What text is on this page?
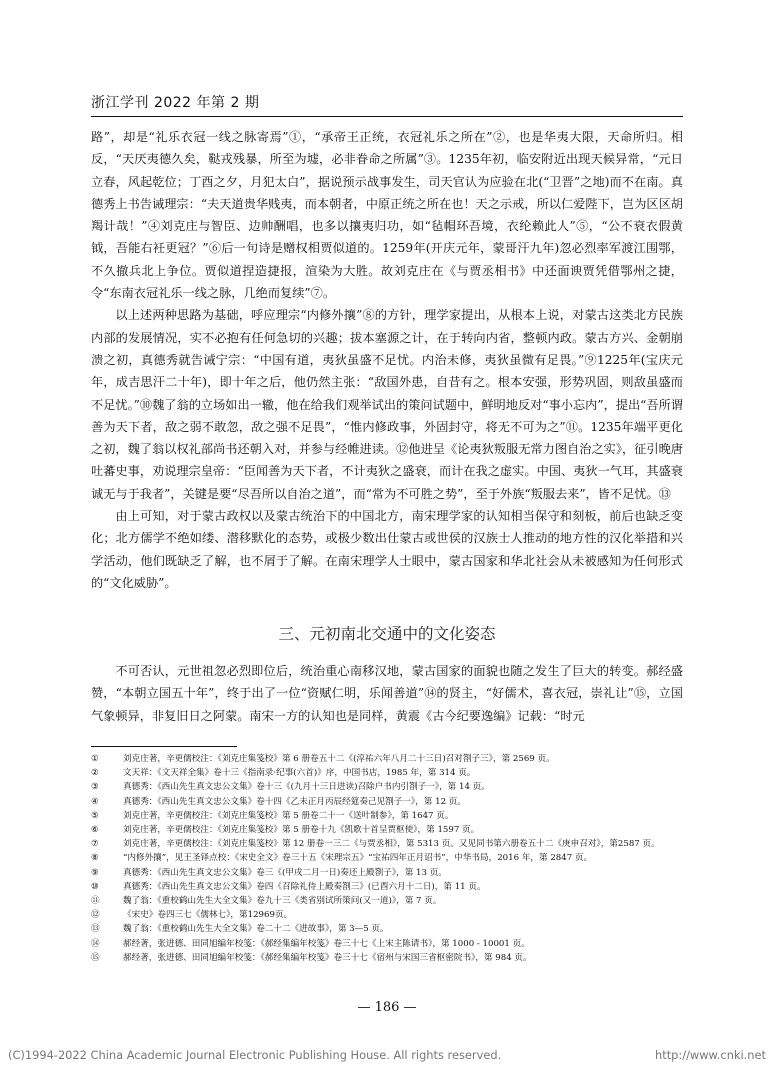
浙江学刊 2022 年第 2 期

路”，却是“礼乐衣冠一线之脉寄焉”①，“承帝王正统，衣冠礼乐之所在”②，也是华夷大限，天命所归。相反，“天厌夷德久矣，鞑戎残暴，所至为墟，必非眷命之所属”③。1235年初，临安附近出现天候异常，“元日立春，风起乾位；丁酉之夕，月犯太白”，据说预示战事发生，司天官认为应验在北(“卫晋”之地)而不在南。真德秀上书告诫理宗：“夫天道贵华贱夷，而本朝者，中原正统之所在也！天之示戒，所以仁爱陛下，岂为区区胡羯计哉！”④刘克庄与智臣、边帅酬唱，也多以攘夷归功，如“毡帽环吾境，衣纶赖此人”⑤，“公不衰衣假黄钺，吾能右衽更冠？”⑥后一句诗是赠权相贾似道的。1259年(开庆元年，蒙哥汗九年)忽必烈率军渡江围鄂，不久撤兵北上争位。贾似道捏造捷报，渲染为大胜。故刘克庄在《与贾丞相书》中还面谀贾凭借鄂州之捷，令“东南衣冠礼乐一线之脉，几绝而复续”⑦。

以上述两种思路为基础，呼应理宗“内修外攘”⑧的方针，理学家提出，从根本上说，对蒙古这类北方民族内部的发展情况，实不必抱有任何急切的兴趣；拔本塞源之计，在于转向内省，整顿内政。蒙古方兴、金朝崩溃之初，真德秀就告诫宁宗：“中国有道，夷狄虽盛不足忧。内治未修，夷狄虽微有足畏。”⑨1225年(宝庆元年，成吉思汗二十年)，即十年之后，他仍然主张：“敌国外患，自昔有之。根本安强，形势巩固，则敌虽盛而不足忧。”⑩魏了翁的立场如出一辙，他在给我们观举试出的策问试题中，鲜明地反对“事小忘内”，提出“吾所谓善为天下者，敌之弱不敢忽，敌之强不足畏”，“惟内修政事，外固封守，将无不可为之”⑪。1235年端平更化之初，魏了翁以权礼部尚书还朝入对，并参与经帷进读。⑫他进呈《论夷狄叛服无常力图自治之实》，征引晚唐吐蕃史事，劝说理宗皇帝：“臣闻善为天下者，不计夷狄之盛衰，而计在我之虚实。中国、夷狄一气耳，其盛衰诚无与于我者”，关键是要“尽吾所以自治之道”，而“常为不可胜之势”，至于外族“叛服去来”，皆不足忧。⑬

由上可知，对于蒙古政权以及蒙古统治下的中国北方，南宋理学家的认知相当保守和刻板，前后也缺乏变化；北方儒学不绝如缕、潜移默化的态势，或极少数出仕蒙古或世侯的汉族士人推动的地方性的汉化举措和兴学活动，他们既缺乏了解，也不屑于了解。在南宋理学人士眼中，蒙古国家和华北社会从未被感知为任何形式的“文化威胁”。

三、元初南北交通中的文化姿态

不可否认，元世祖忽必烈即位后，统治重心南移汉地，蒙古国家的面貌也随之发生了巨大的转变。郝经盛赞，“本朝立国五十年”，终于出了一位“资赋仁明，乐闻善道”⑭的贤主，“好儒术，喜衣冠，崇礼让”⑮，立国气象顿异，非复旧日之阿蒙。南宋一方的认知也是同样，黄震《古今纪要逸编》记载：“时元

①	刘克庄著，辛更儒校注：《刘克庄集笺校》第 6 册卷五十二《(淳祐六年八月二十三日)召对劄子三》，第 2569 页。
②	文天祥：《文天祥全集》卷十三《指南录·纪事(六首)》序，中国书店，1985 年，第 314 页。
③	真德秀：《西山先生真文忠公文集》卷十三《(九月十三日进读)召除户书内引劄子一》，第 14 页。
④	真德秀：《西山先生真文忠公文集》卷十四《乙未正月丙辰经筵奏己见劄子一》，第 12 页。
⑤	刘克庄著，辛更儒校注：《刘克庄集笺校》第 5 册卷二十一《送叶制参》，第 1647 页。
⑥	刘克庄著，辛更儒校注：《刘克庄集笺校》第 5 册卷十九《凯歌十首呈贾枢使》，第 1597 页。
⑦	刘克庄著，辛更儒校注：《刘克庄集笺校》第 12 册卷一三二《与贾丞相》，第 5313 页。又见同书第六册卷五十二《庚申召对》，第2587 页。
⑧	“内修外攘”，见王圣铎点校：《宋史全文》卷三十五《宋理宗五》“宝祐四年正月诏书”，中华书局，2016 年，第 2847 页。
⑨	真德秀：《西山先生真文忠公文集》卷三《(甲戌二月一日)奏还上殿劄子》，第 13 页。
⑩	真德秀：《西山先生真文忠公文集》卷四《召除礼侍上殿奏劄三》(已酉六月十二日)，第 11 页。
⑪	魏了翁：《重校鹤山先生大全文集》卷九十三《类省别试所策问(又一道)》，第 7 页。
⑫	《宋史》卷四三七《儒林七》，第12969页。
⑬	魏了翁：《重校鹤山先生大全文集》卷二十二《进故事》，第 3—5 页。
⑭	郝经著，张进德、田同旭编年校笺：《郝经集编年校笺》卷三十七《上宋主陈请书》，第 1000 - 10001 页。
⑮	郝经著，张进德、田同旭编年校笺：《郝经集编年校笺》卷三十七《宿州与宋国三省枢密院书》，第 984 页。
— 186 —
(C)1994-2022 China Academic Journal Electronic Publishing House. All rights reserved.	http://www.cnki.net
